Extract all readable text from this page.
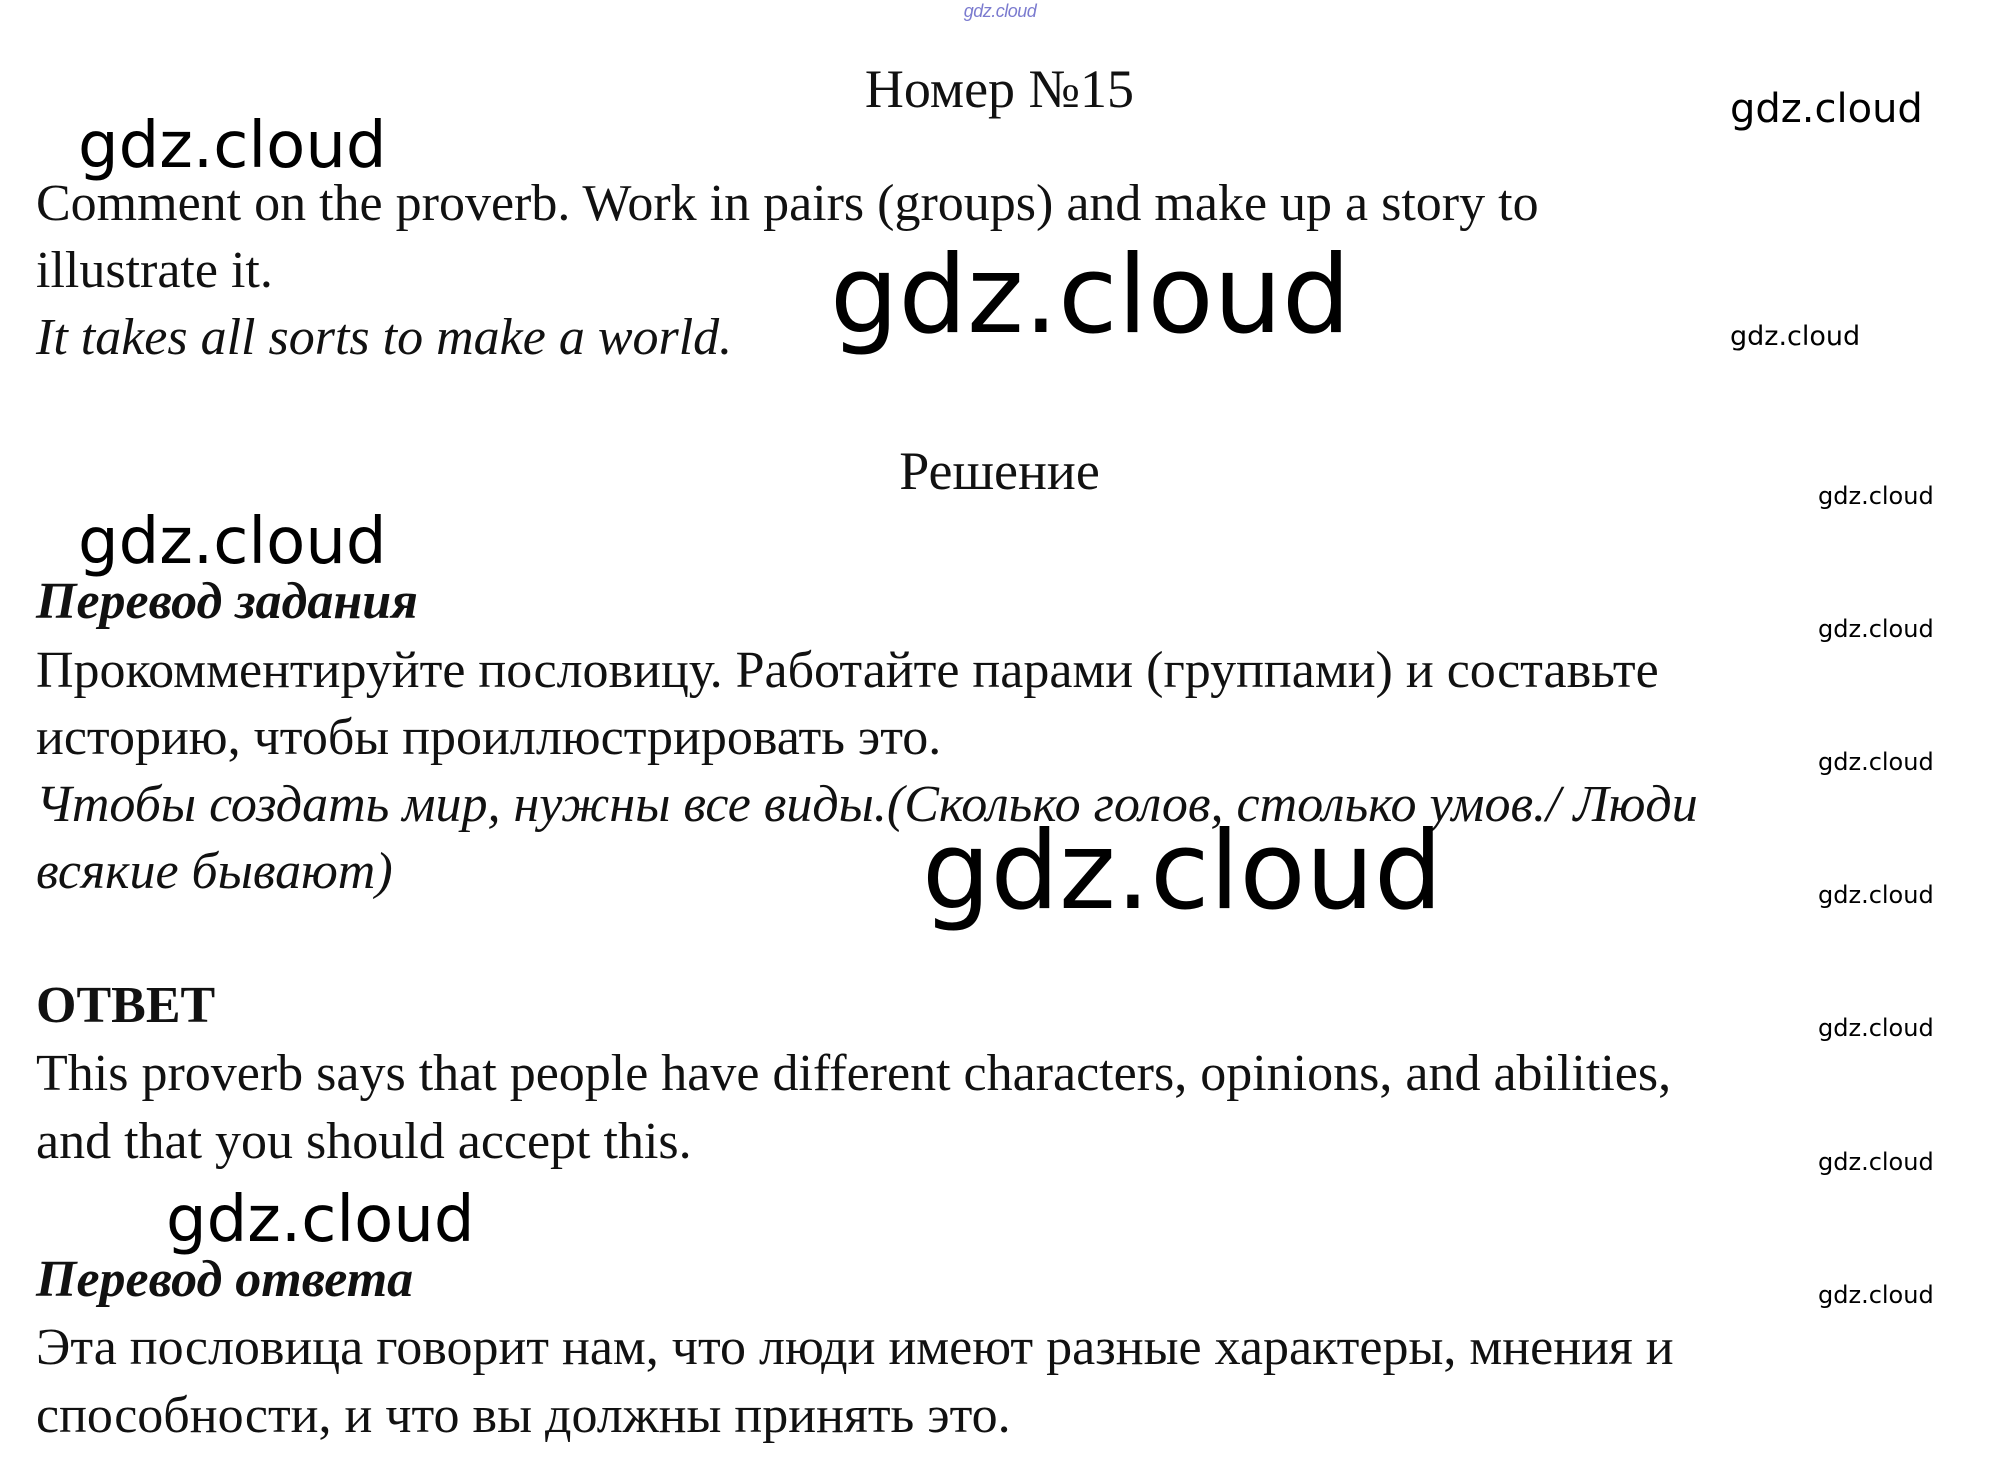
gdz.cloud
Номер №15
Comment on the proverb. Work in pairs (groups) and make up a story to
illustrate it.
It takes all sorts to make a world.
Решение
Перевод задания
Прокомментируйте пословицу. Работайте парами (группами) и составьте
историю, чтобы проиллюстрировать это.
Чтобы создать мир, нужны все виды.(Сколько голов, столько умов./ Люди
всякие бывают)
ОТВЕТ
This proverb says that people have different characters, opinions, and abilities,
and that you should accept this.
Перевод ответа
Эта пословица говорит нам, что люди имеют разные характеры, мнения и
способности, и что вы должны принять это.
gdz.cloud	gdz.cloud
gdz.cloud	gdz.cloud
gdz.cloud
gdz.cloud
gdz.cloud
gdz.cloud
gdz.cloud	gdz.cloud
gdz.cloud
gdz.cloud
gdz.cloud
gdz.cloud
